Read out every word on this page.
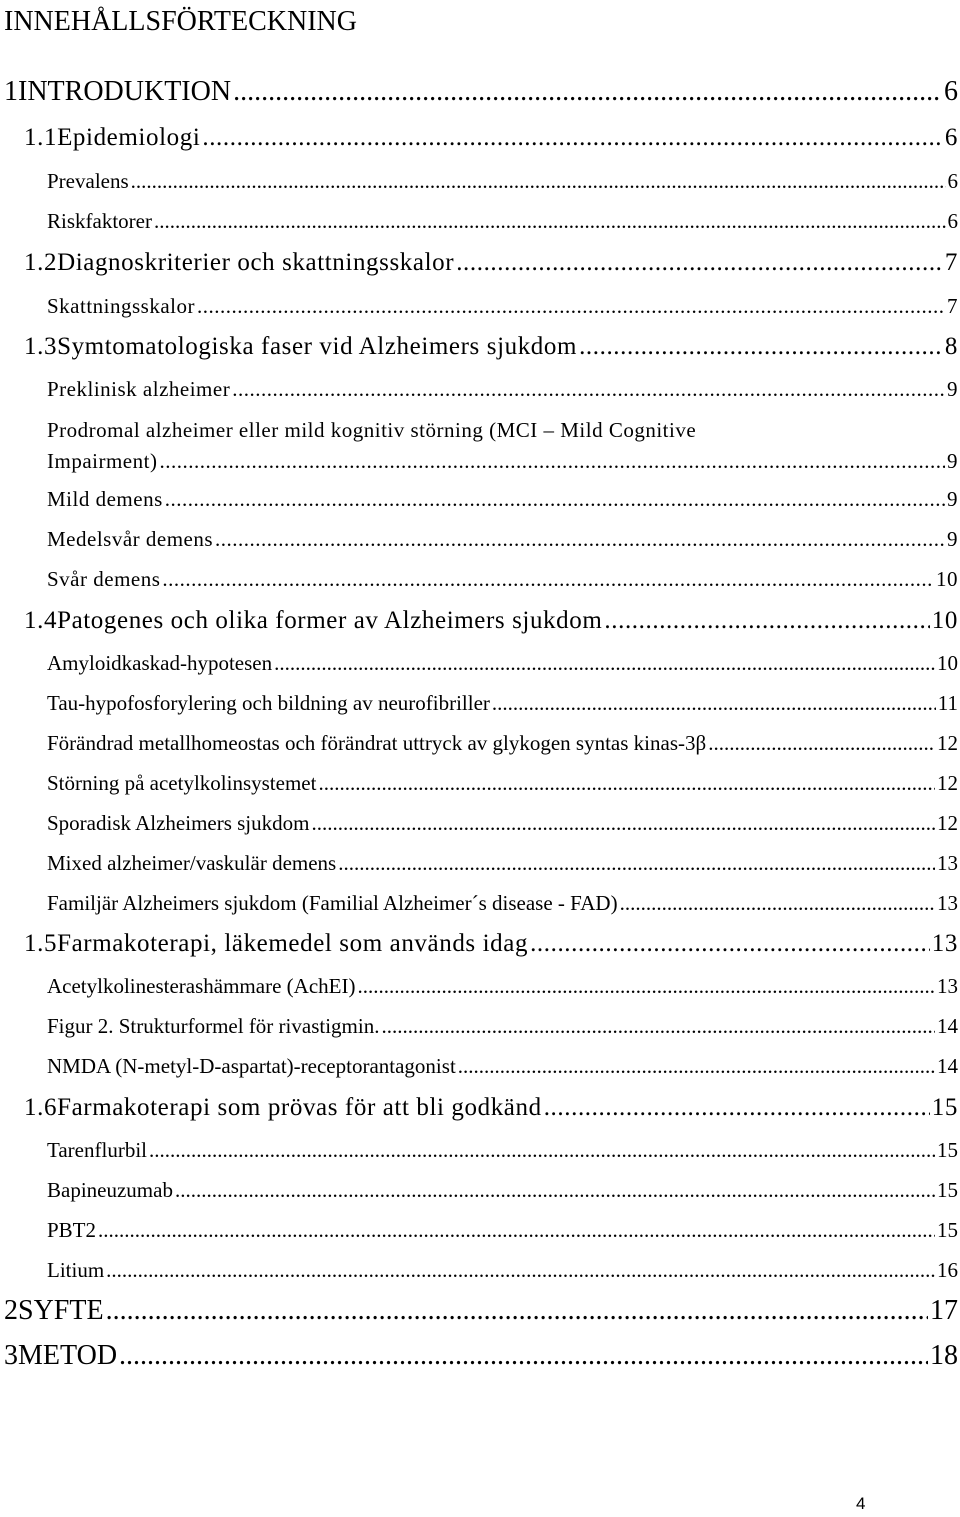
INNEHÅLLSFÖRTECKNING
1 INTRODUKTION .....	6
1.1 Epidemiologi .....	6
Prevalens .....	6
Riskfaktorer .....	6
1.2 Diagnoskriterier och skattningsskalor .....	7
Skattningsskalor .....	7
1.3 Symtomatologiska faser vid Alzheimers sjukdom .....	8
Preklinisk alzheimer .....	9
Prodromal alzheimer eller mild kognitiv störning (MCI – Mild Cognitive
Impairment) .....	9
Mild demens .....	9
Medelsvår demens .....	9
Svår demens .....	10
1.4 Patogenes och olika former av Alzheimers sjukdom .....	10
Amyloidkaskad-hypotesen .....	10
Tau-hypofosforylering och bildning av neurofibriller .....	11
Förändrad metallhomeostas och förändrat uttryck av glykogen syntas kinas-3β .....	12
Störning på acetylkolinsystemet .....	12
Sporadisk Alzheimers sjukdom .....	12
Mixed alzheimer/vaskulär demens .....	13
Familjär Alzheimers sjukdom (Familial Alzheimer´s disease - FAD) .....	13
1.5 Farmakoterapi, läkemedel som används idag .....	13
Acetylkolinesterashämmare (AchEI) .....	13
Figur 2. Strukturformel för rivastigmin. .....	14
NMDA (N-metyl-D-aspartat)-receptorantagonist .....	14
1.6 Farmakoterapi som prövas för att bli godkänd .....	15
Tarenflurbil .....	15
Bapineuzumab .....	15
PBT2 .....	15
Litium .....	16
2 SYFTE .....	17
3 METOD .....	18
4
